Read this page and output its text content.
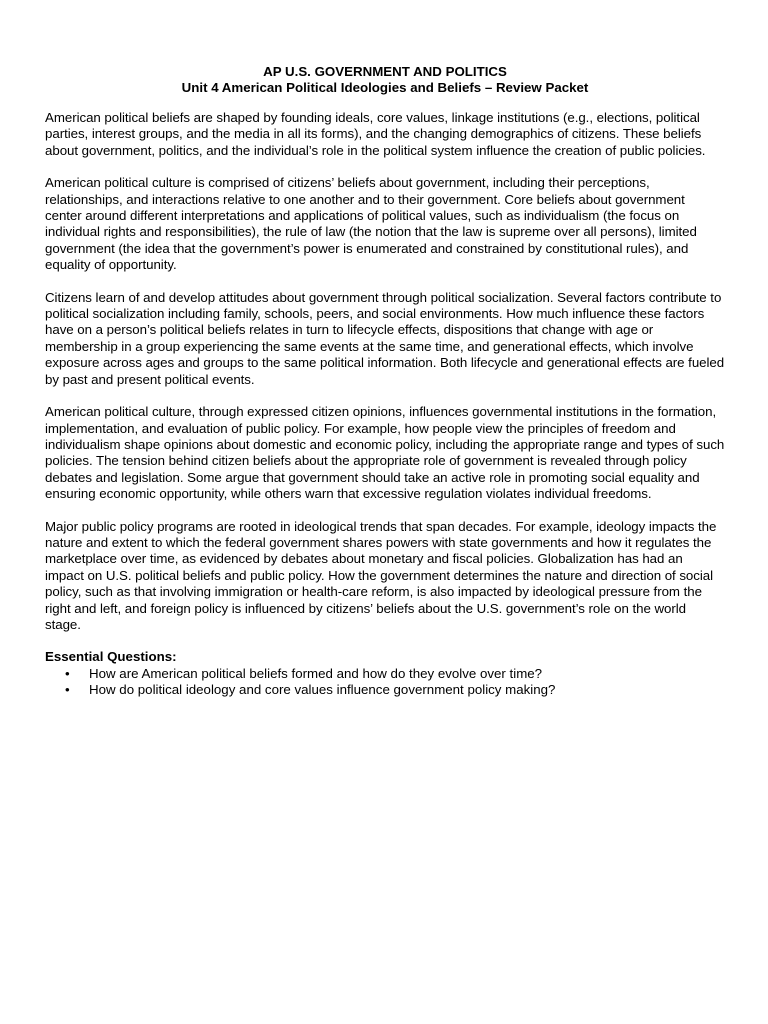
AP U.S. GOVERNMENT AND POLITICS
Unit 4 American Political Ideologies and Beliefs – Review Packet

American political beliefs are shaped by founding ideals, core values, linkage institutions (e.g., elections, political parties, interest groups, and the media in all its forms), and the changing demographics of citizens. These beliefs about government, politics, and the individual’s role in the political system influence the creation of public policies.

American political culture is comprised of citizens’ beliefs about government, including their perceptions, relationships, and interactions relative to one another and to their government. Core beliefs about government center around different interpretations and applications of political values, such as individualism (the focus on individual rights and responsibilities), the rule of law (the notion that the law is supreme over all persons), limited government (the idea that the government’s power is enumerated and constrained by constitutional rules), and equality of opportunity.

Citizens learn of and develop attitudes about government through political socialization. Several factors contribute to political socialization including family, schools, peers, and social environments. How much influence these factors have on a person’s political beliefs relates in turn to lifecycle effects, dispositions that change with age or membership in a group experiencing the same events at the same time, and generational effects, which involve exposure across ages and groups to the same political information. Both lifecycle and generational effects are fueled by past and present political events.

American political culture, through expressed citizen opinions, influences governmental institutions in the formation, implementation, and evaluation of public policy. For example, how people view the principles of freedom and individualism shape opinions about domestic and economic policy, including the appropriate range and types of such policies. The tension behind citizen beliefs about the appropriate role of government is revealed through policy debates and legislation. Some argue that government should take an active role in promoting social equality and ensuring economic opportunity, while others warn that excessive regulation violates individual freedoms.

Major public policy programs are rooted in ideological trends that span decades. For example, ideology impacts the nature and extent to which the federal government shares powers with state governments and how it regulates the marketplace over time, as evidenced by debates about monetary and fiscal policies. Globalization has had an impact on U.S. political beliefs and public policy. How the government determines the nature and direction of social policy, such as that involving immigration or health-care reform, is also impacted by ideological pressure from the right and left, and foreign policy is influenced by citizens’ beliefs about the U.S. government’s role on the world stage.

Essential Questions:
• How are American political beliefs formed and how do they evolve over time?
• How do political ideology and core values influence government policy making?
